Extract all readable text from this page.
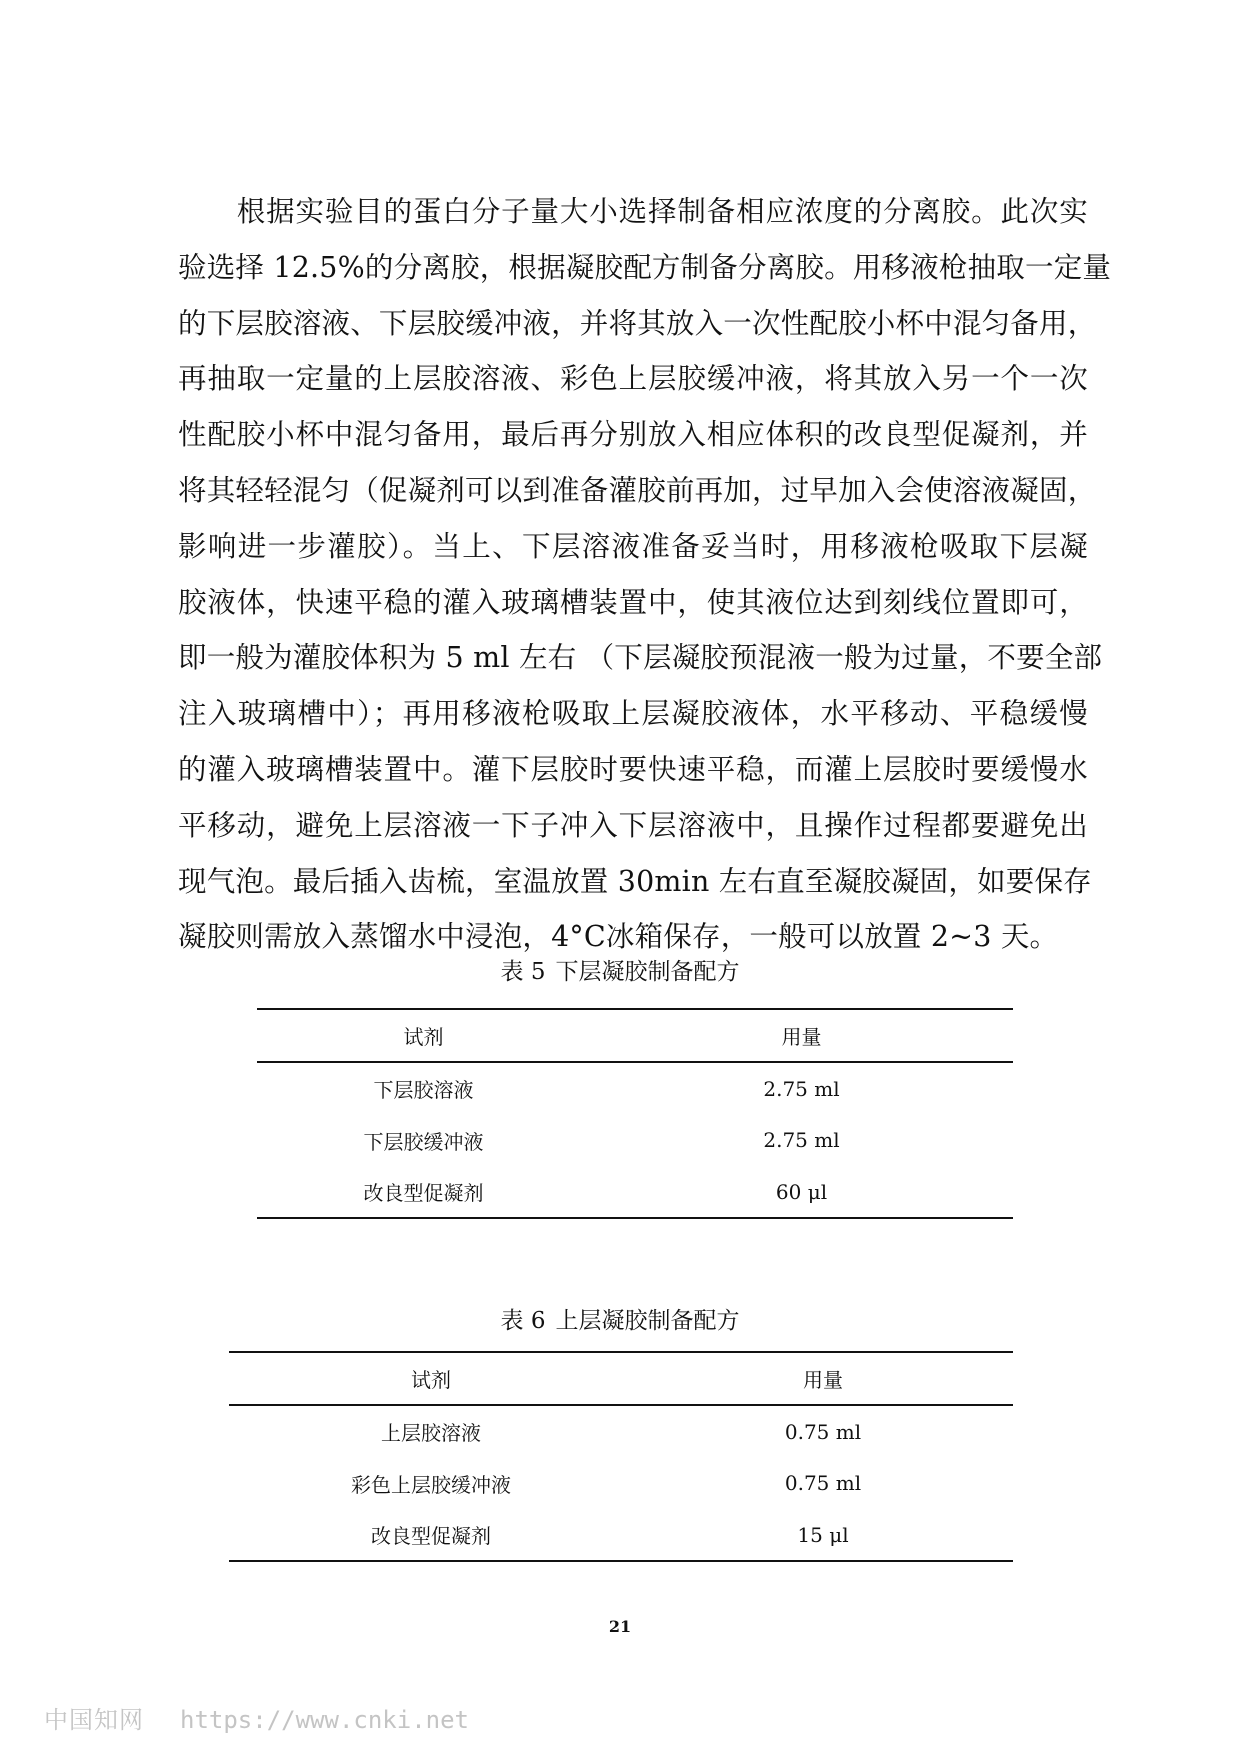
　　根据实验目的蛋白分子量大小选择制备相应浓度的分离胶。此次实
验选择 12.5%的分离胶，根据凝胶配方制备分离胶。用移液枪抽取一定量
的下层胶溶液、下层胶缓冲液，并将其放入一次性配胶小杯中混匀备用，
再抽取一定量的上层胶溶液、彩色上层胶缓冲液，将其放入另一个一次
性配胶小杯中混匀备用，最后再分别放入相应体积的改良型促凝剂，并
将其轻轻混匀（促凝剂可以到准备灌胶前再加，过早加入会使溶液凝固，
影响进一步灌胶）。当上、下层溶液准备妥当时，用移液枪吸取下层凝
胶液体，快速平稳的灌入玻璃槽装置中，使其液位达到刻线位置即可，
即一般为灌胶体积为 5 ml 左右 （下层凝胶预混液一般为过量，不要全部
注入玻璃槽中）；再用移液枪吸取上层凝胶液体，水平移动、平稳缓慢
的灌入玻璃槽装置中。灌下层胶时要快速平稳，而灌上层胶时要缓慢水
平移动，避免上层溶液一下子冲入下层溶液中，且操作过程都要避免出
现气泡。最后插入齿梳，室温放置 30min 左右直至凝胶凝固，如要保存
凝胶则需放入蒸馏水中浸泡，4°C冰箱保存，一般可以放置 2~3 天。
表 5 下层凝胶制备配方
试剂	用量
下层胶溶液	2.75 ml
下层胶缓冲液	2.75 ml
改良型促凝剂	60 μl
表 6 上层凝胶制备配方
试剂	用量
上层胶溶液	0.75 ml
彩色上层胶缓冲液	0.75 ml
改良型促凝剂	15 μl
21
中国知网 https://www.cnki.net
